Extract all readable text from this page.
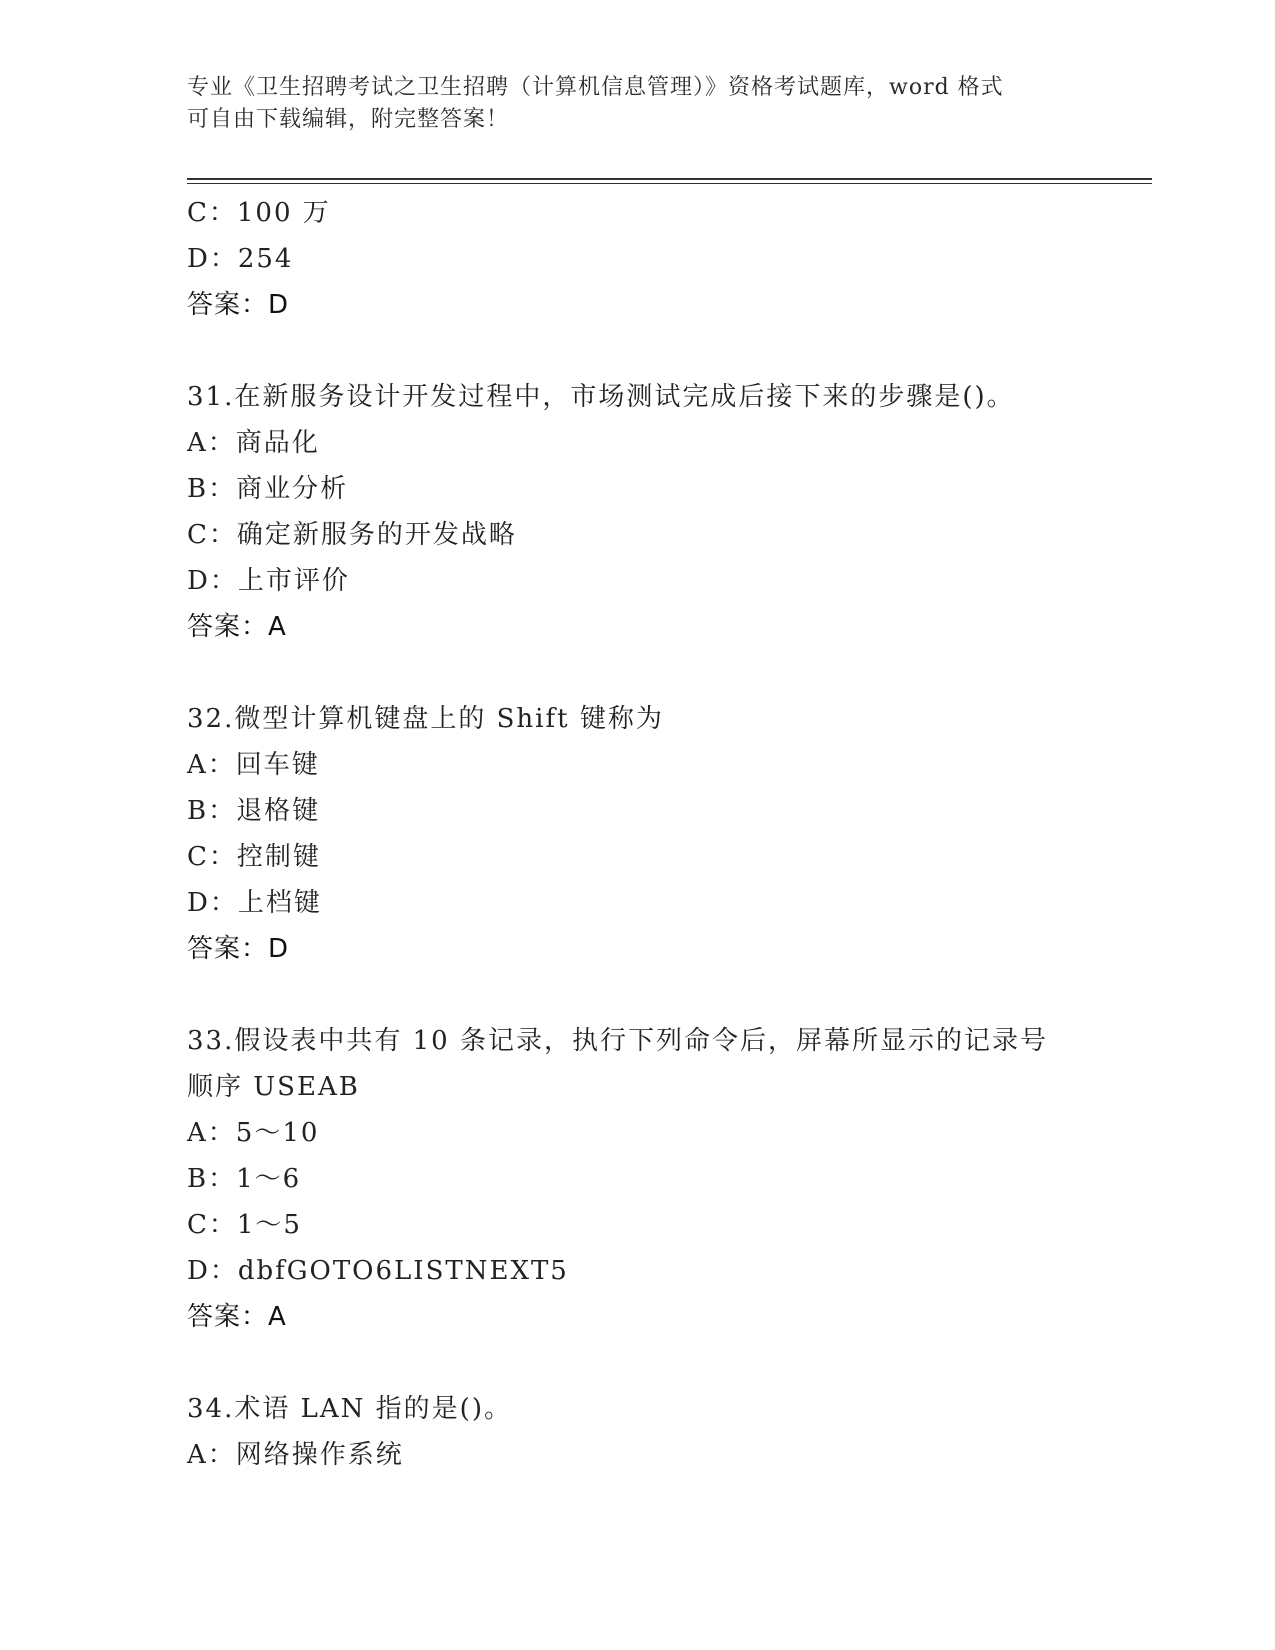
专业《卫生招聘考试之卫生招聘（计算机信息管理）》资格考试题库，word 格式
可自由下载编辑，附完整答案！
C：100 万
D：254
答案：D
31.在新服务设计开发过程中，市场测试完成后接下来的步骤是()。
A：商品化
B：商业分析
C：确定新服务的开发战略
D：上市评价
答案：A
32.微型计算机键盘上的 Shift 键称为
A：回车键
B：退格键
C：控制键
D：上档键
答案：D
33.假设表中共有 10 条记录，执行下列命令后，屏幕所显示的记录号
顺序 USEAB
A：5～10
B：1～6
C：1～5
D：dbfGOTO6LISTNEXT5
答案：A
34.术语 LAN 指的是()。
A：网络操作系统
